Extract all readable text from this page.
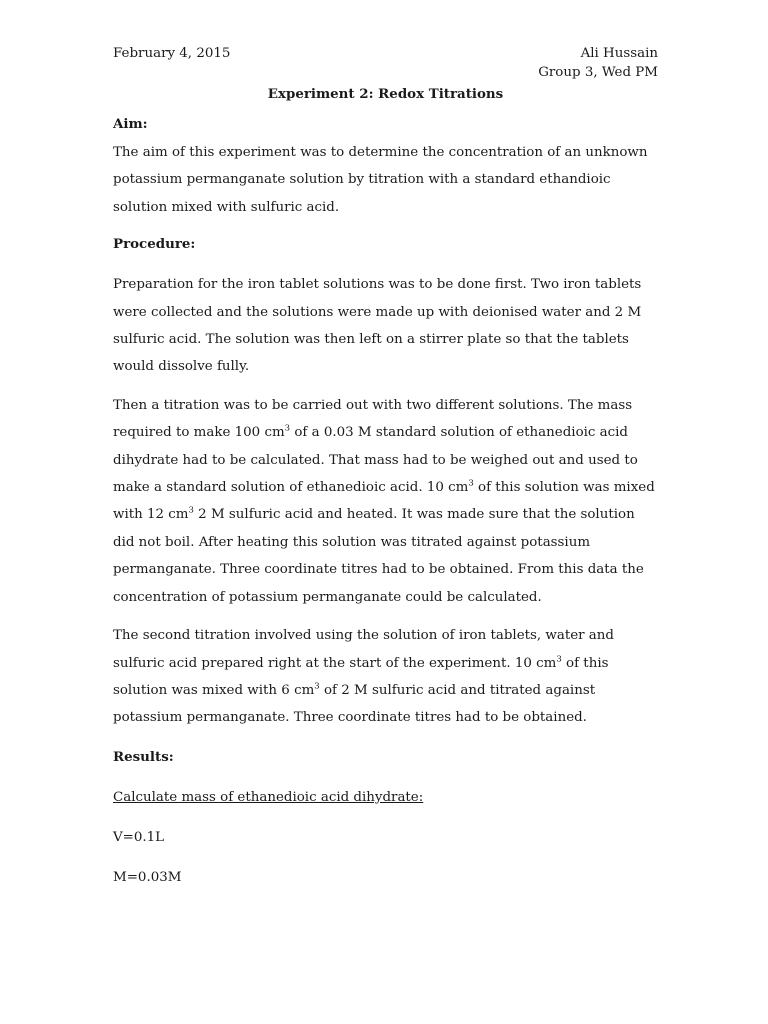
February 4, 2015	Ali Hussain
Group 3, Wed PM
Experiment 2: Redox Titrations
Aim:

The aim of this experiment was to determine the concentration of an unknown potassium permanganate solution by titration with a standard ethandioic solution mixed with sulfuric acid.

Procedure:

Preparation for the iron tablet solutions was to be done first. Two iron tablets were collected and the solutions were made up with deionised water and 2 M sulfuric acid. The solution was then left on a stirrer plate so that the tablets would dissolve fully.

Then a titration was to be carried out with two different solutions. The mass required to make 100 $cm^3$ of a 0.03 M standard solution of ethanedioic acid dihydrate had to be calculated. That mass had to be weighed out and used to make a standard solution of ethanedioic acid. 10 $cm^3$ of this solution was mixed with 12 $cm^3$ 2 M sulfuric acid and heated. It was made sure that the solution did not boil. After heating this solution was titrated against potassium permanganate. Three coordinate titres had to be obtained. From this data the concentration of potassium permanganate could be calculated.

The second titration involved using the solution of iron tablets, water and sulfuric acid prepared right at the start of the experiment. 10 $cm^3$ of this solution was mixed with 6 $cm^3$ of 2 M sulfuric acid and titrated against potassium permanganate. Three coordinate titres had to be obtained.

Results:
Calculate mass of ethanedioic acid dihydrate:
V=0.1L
M=0.03M
